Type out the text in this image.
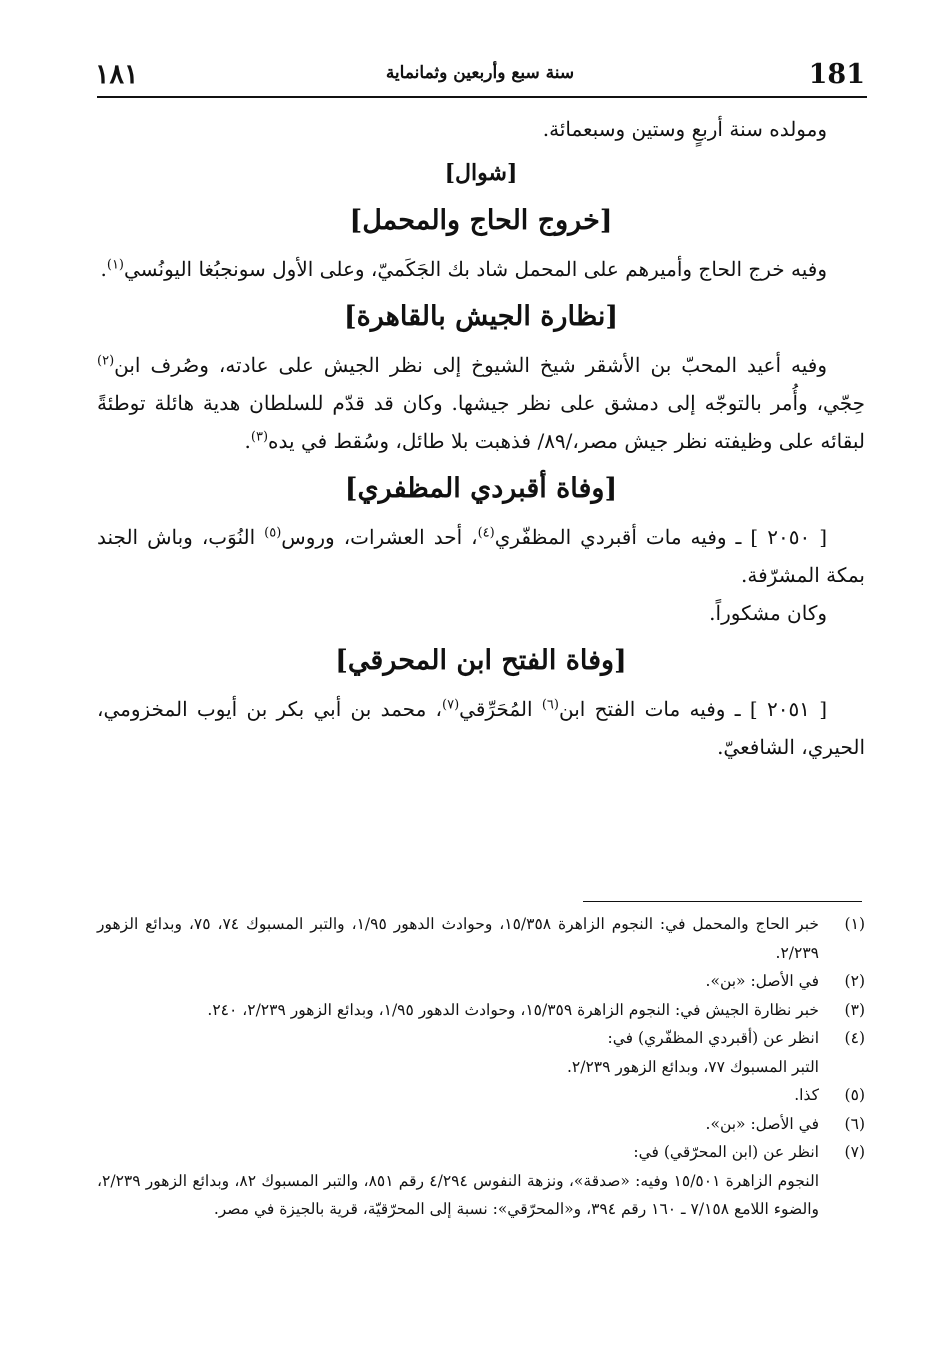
١٨١	سنة سبع وأربعين وثمانماية	181

ومولده سنة أربعٍ وستين وسبعمائة.

[شوال]
[خروج الحاج والمحمل]

وفيه خرج الحاج وأميرهم على المحمل شاد بك الجَكَميّ، وعلى الأول سونجبُغا اليونُسي$^{(١)}$.

[نظارة الجيش بالقاهرة]

وفيه أعيد المحبّ بن الأشقر شيخ الشيوخ إلى نظر الجيش على عادته، وصُرف ابن$^{(٢)}$ حِجّي، وأُمر بالتوجّه إلى دمشق على نظر جيشها. وكان قد قدّم للسلطان هدية هائلة توطئةً لبقائه على وظيفته نظر جيش مصر،/٨٩/ فذهبت بلا طائل، وسُقط في يده$^{(٣)}$.

[وفاة أقبردي المظفري]

[ ٢٠٥٠ ] ـ وفيه مات أقبردي المظفّري$^{(٤)}$، أحد العشرات، وروس$^{(٥)}$ النُوَب، وباش الجند بمكة المشرّفة.

وكان مشكوراً.

[وفاة الفتح ابن المحرقي]

[ ٢٠٥١ ] ـ وفيه مات الفتح ابن$^{(٦)}$ المُحَرِّقي$^{(٧)}$، محمد بن أبي بكر بن أيوب المخزومي، الحيري، الشافعيّ.

(١)
خبر الحاج والمحمل في: النجوم الزاهرة ١٥/٣٥٨، وحوادث الدهور ١/٩٥، والتبر المسبوك ٧٤، ٧٥، وبدائع الزهور ٢/٢٣٩.
(٢)
في الأصل: «بن».
(٣)
خبر نظارة الجيش في: النجوم الزاهرة ١٥/٣٥٩، وحوادث الدهور ١/٩٥، وبدائع الزهور ٢/٢٣٩، ٢٤٠.
(٤)
انظر عن (أقبردي المظفّري) في:
التبر المسبوك ٧٧، وبدائع الزهور ٢/٢٣٩.
(٥)
كذا.
(٦)
في الأصل: «بن».
(٧)
انظر عن (ابن المحرّقي) في:
النجوم الزاهرة ١٥/٥٠١ وفيه: «صدقة»، ونزهة النفوس ٤/٢٩٤ رقم ٨٥١، والتبر المسبوك ٨٢، وبدائع الزهور ٢/٢٣٩، والضوء اللامع ٧/١٥٨ ـ ١٦٠ رقم ٣٩٤، و«المحرّقي»: نسبة إلى المحرّقيّة، قرية بالجيزة في مصر.
